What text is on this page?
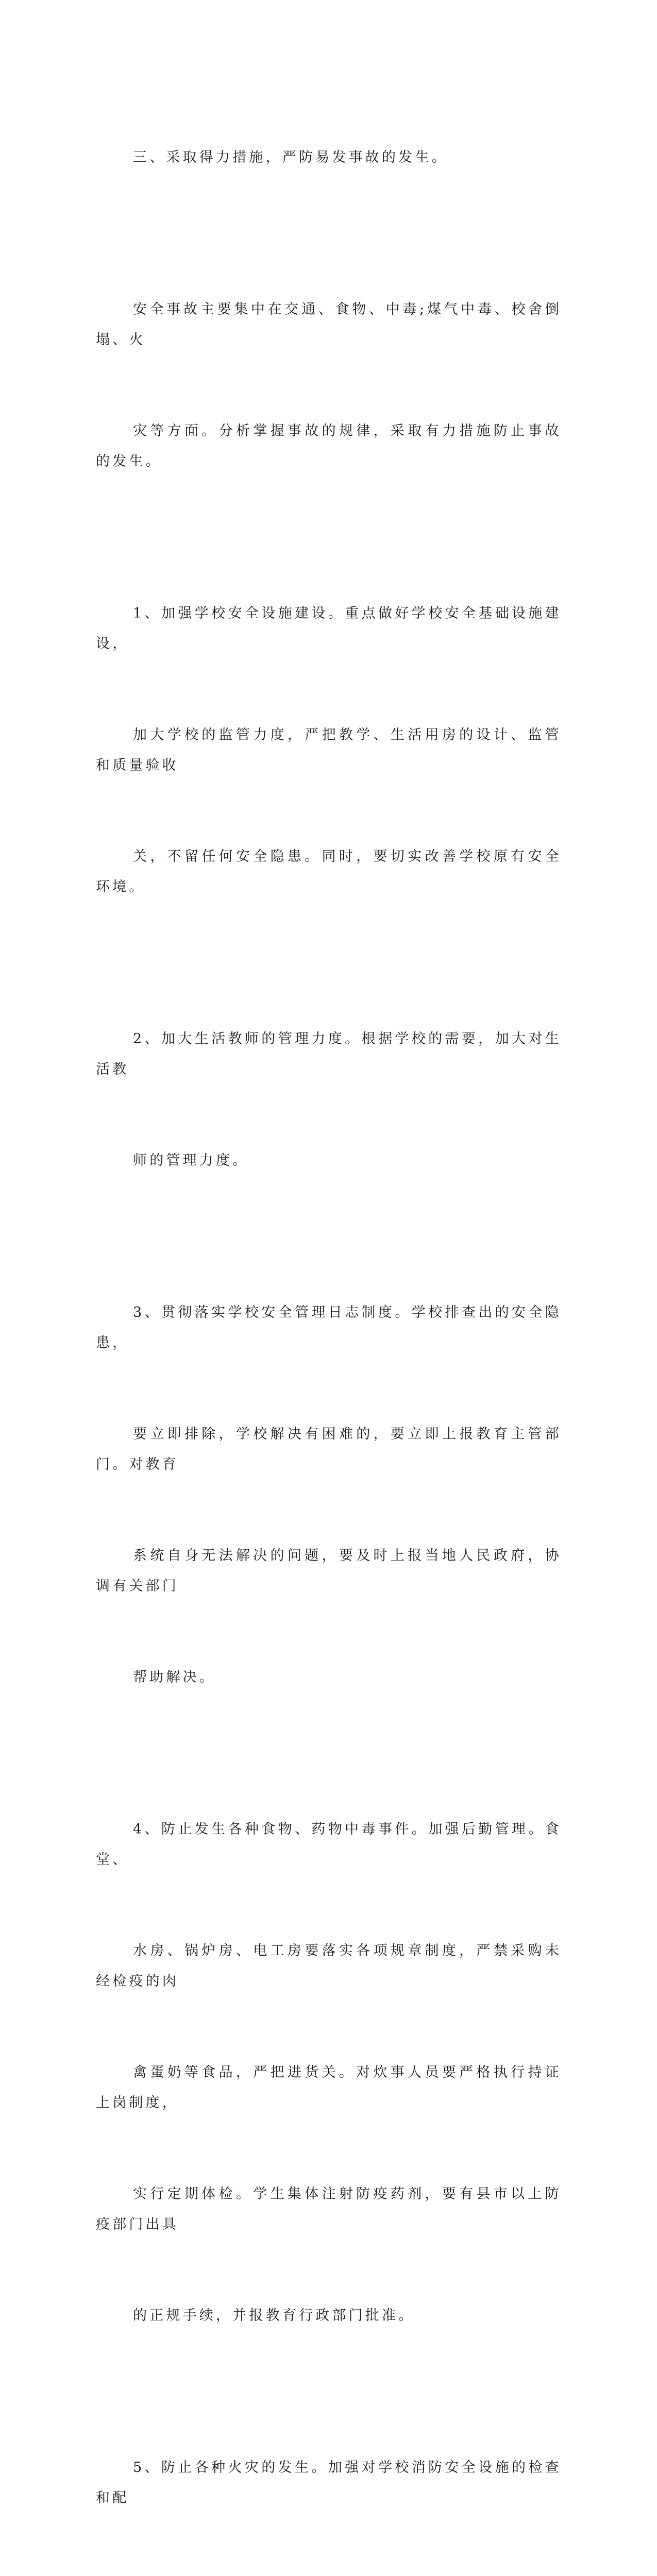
三、采取得力措施，严防易发事故的发生。

安全事故主要集中在交通、食物、中毒;煤气中毒、校舍倒塌、火

灾等方面。分析掌握事故的规律，采取有力措施防止事故的发生。

1、加强学校安全设施建设。重点做好学校安全基础设施建设，

加大学校的监管力度，严把教学、生活用房的设计、监管和质量验收

关，不留任何安全隐患。同时，要切实改善学校原有安全环境。

2、加大生活教师的管理力度。根据学校的需要，加大对生活教

师的管理力度。

3、贯彻落实学校安全管理日志制度。学校排查出的安全隐患，

要立即排除，学校解决有困难的，要立即上报教育主管部门。对教育

系统自身无法解决的问题，要及时上报当地人民政府，协调有关部门

帮助解决。

4、防止发生各种食物、药物中毒事件。加强后勤管理。食堂、

水房、锅炉房、电工房要落实各项规章制度，严禁采购未经检疫的肉

禽蛋奶等食品，严把进货关。对炊事人员要严格执行持证上岗制度，

实行定期体检。学生集体注射防疫药剂，要有县市以上防疫部门出具

的正规手续，并报教育行政部门批准。

5、防止各种火灾的发生。加强对学校消防安全设施的检查和配
